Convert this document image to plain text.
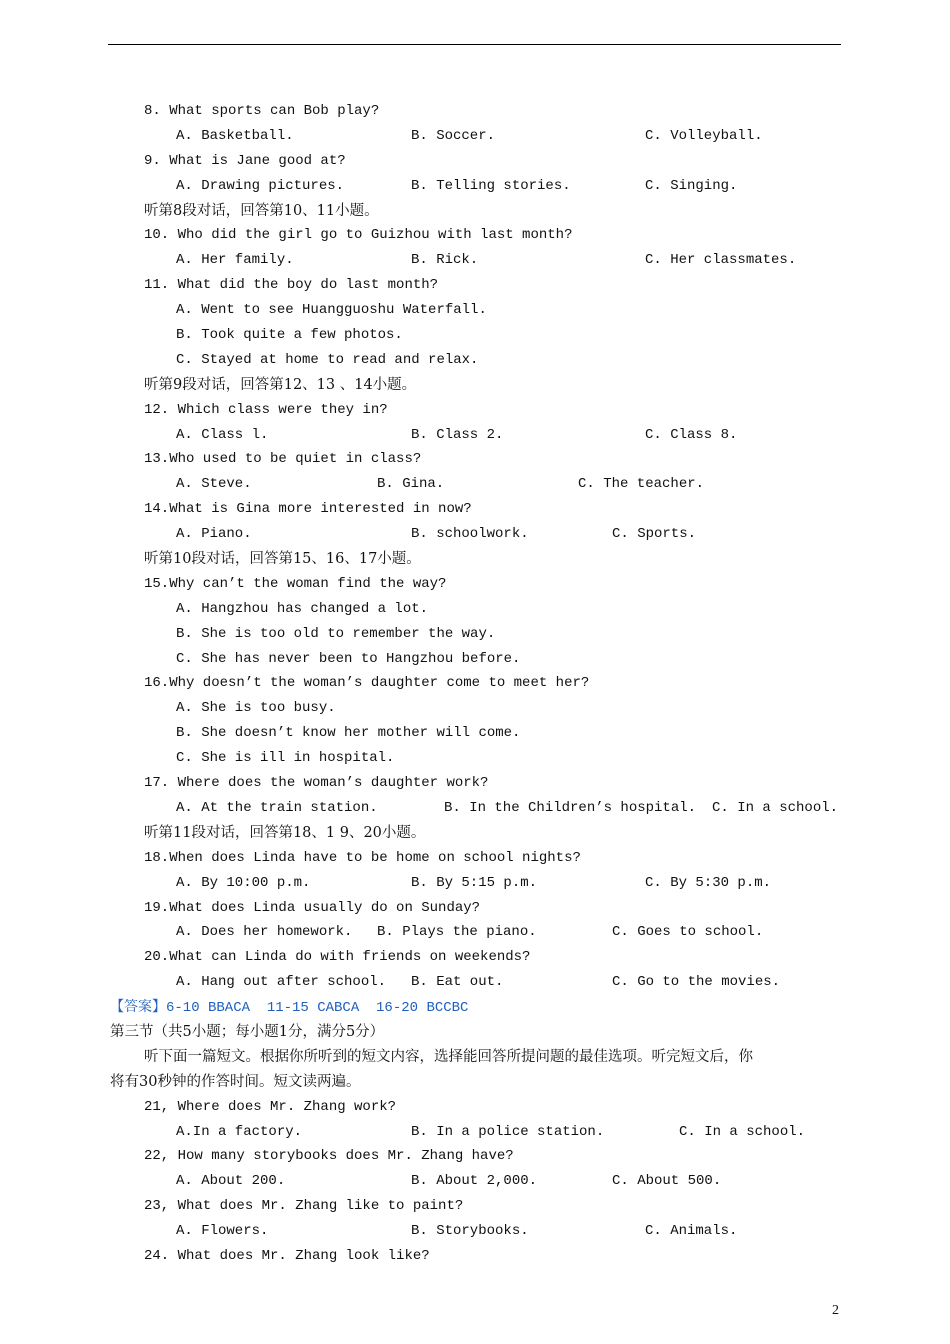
8. What sports can Bob play?

A. Basketball.

	B. Soccer.

	C. Volleyball.

9. What is Jane good at?

A. Drawing pictures.

	B. Telling stories.

	C. Singing.

听第8段对话，回答第10、11小题。
10. Who did the girl go to Guizhou with last month?

A. Her family.

	B. Rick.

	C. Her classmates.

11. What did the boy do last month?
A. Went to see Huangguoshu Waterfall.
B. Took quite a few photos.
C. Stayed at home to read and relax.
听第9段对话，回答第12、13 、14小题。
12. Which class were they in?

A. Class l.

	B. Class 2.

	C. Class 8.

13.Who used to be quiet in class?

A. Steve.

	B. Gina.

	C. The teacher.

14.What is Gina more interested in now?

A. Piano.

	B. schoolwork.

	C. Sports.

听第10段对话，回答第15、16、17小题。
15.Why can’t the woman find the way?
A. Hangzhou has changed a lot.
B. She is too old to remember the way.
C. She has never been to Hangzhou before.
16.Why doesn’t the woman’s daughter come to meet her?
A. She is too busy.
B. She doesn’t know her mother will come.
C. She is ill in hospital.
17. Where does the woman’s daughter work?

A. At the train station.

	B. In the Children’s hospital.

C. In a school.

听第11段对话，回答第18、1 9、20小题。
18.When does Linda have to be home on school nights?

A. By 10:00 p.m.

	B. By 5:15 p.m.

	C. By 5:30 p.m.

19.What does Linda usually do on Sunday?

A. Does her homework.

B. Plays the piano.

	C. Goes to school.

20.What can Linda do with friends on weekends?

A. Hang out after school.

B. Eat out.

	C. Go to the movies.

【答案】6-10 BBACA  11-15 CABCA  16-20 BCCBC
第三节（共5小题；每小题1分，满分5分）
听下面一篇短文。根据你所听到的短文内容，选择能回答所提问题的最佳选项。听完短文后，你
将有30秒钟的作答时间。短文读两遍。
21, Where does Mr. Zhang work?

A.In a factory.

	B. In a police station.

	C. In a school.

22, How many storybooks does Mr. Zhang have?

A. About 200.

	B. About 2,000.

	C. About 500.

23, What does Mr. Zhang like to paint?

A. Flowers.

	B. Storybooks.

	C. Animals.

24. What does Mr. Zhang look like?
2
